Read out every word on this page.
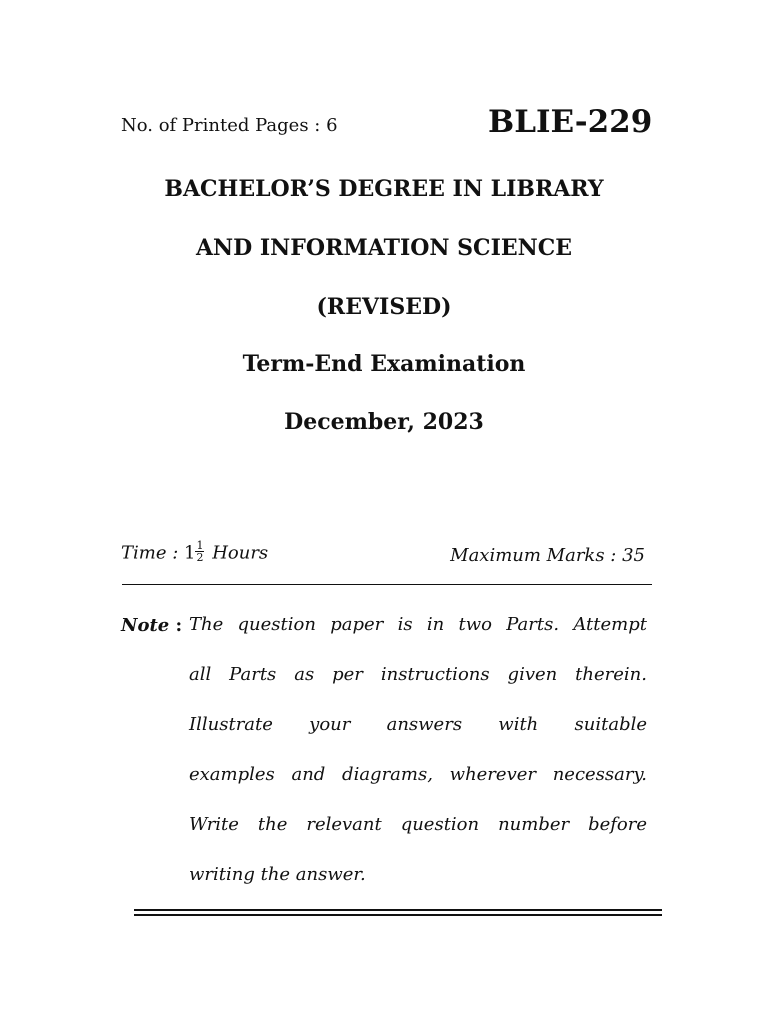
No. of Printed Pages : 6	BLIE-229
BACHELOR’S DEGREE IN LIBRARY
AND INFORMATION SCIENCE
(REVISED)
Term-End Examination
December, 2023
Time : $1 \frac{1}{2}$ Hours	Maximum Marks : 35
Note : The question paper is in two Parts. Attempt
all Parts as per instructions given therein.
Illustrate your answers with suitable
examples and diagrams, wherever necessary.
Write the relevant question number before
writing the answer.
